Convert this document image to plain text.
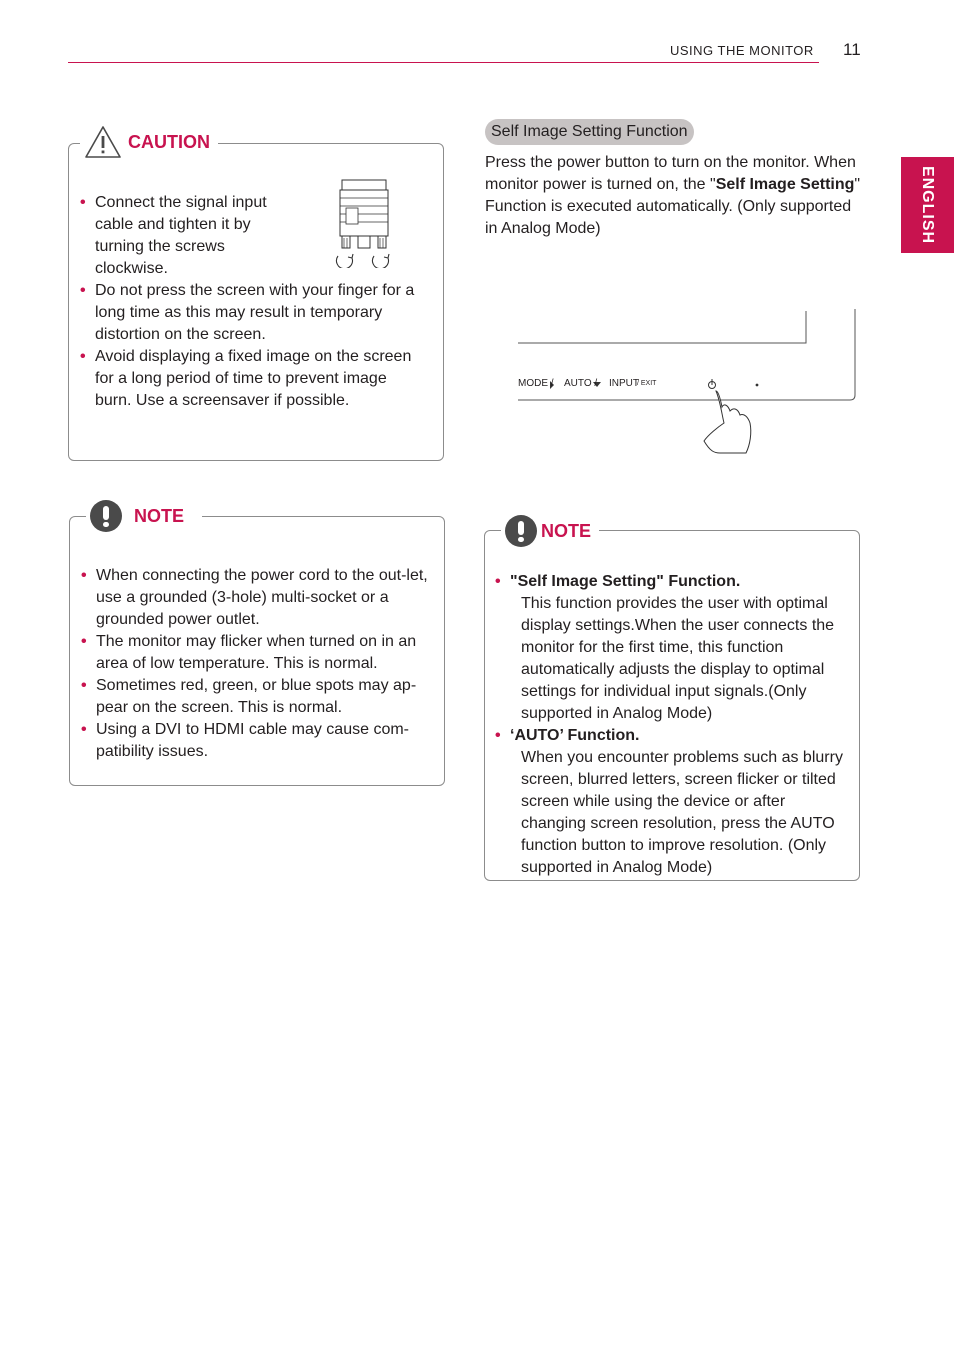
USING THE MONITOR 11
ENGLISH
CAUTION
• Connect the signal input cable and tighten it by turning the screws clockwise.
• Do not press the screen with your finger for a long time as this may result in temporary distortion on the screen.
• Avoid displaying a fixed image on the screen for a long period of time to prevent image burn. Use a screensaver if possible.
NOTE
• When connecting the power cord to the out-let, use a grounded (3-hole) multi-socket or a grounded power outlet.
• The monitor may flicker when turned on in an area of low temperature. This is normal.
• Sometimes red, green, or blue spots may ap-pear on the screen. This is normal.
• Using a DVI to HDMI cable may cause com-patibility issues.
Self Image Setting Function

Press the power button to turn on the monitor. When monitor power is turned on, the "Self Image Setting" Function is executed automatically. (Only supported in Analog Mode)

MODE / AUTO / INPUT
/ EXIT
NOTE
• "Self Image Setting" Function.
This function provides the user with optimal display settings.When the user connects the monitor for the first time, this function automatically adjusts the display to optimal settings for individual input signals.(Only supported in Analog Mode)
• ‘AUTO’ Function.
When you encounter problems such as blurry screen, blurred letters, screen flicker or tilted screen while using the device or after changing screen resolution, press the AUTO function button to improve resolution. (Only supported in Analog Mode)
